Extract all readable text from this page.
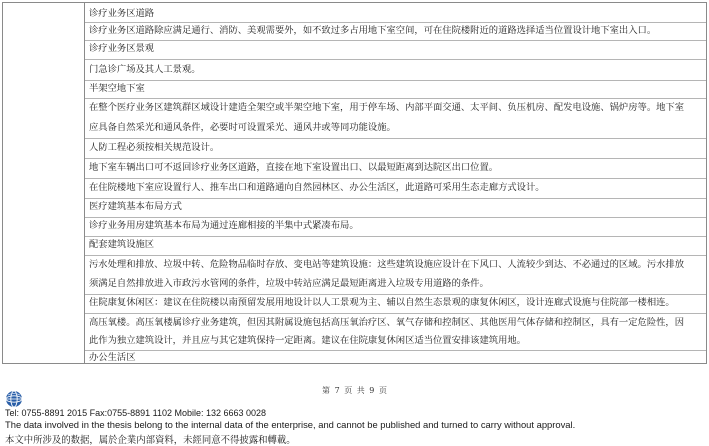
诊疗业务区道路
诊疗业务区道路除应满足通行、消防、美观需要外，如不致过多占用地下室空间，可在住院楼附近的道路选择适当位置设计地下室出入口。
诊疗业务区景观
门急诊广场及其人工景观。
半架空地下室
在整个医疗业务区建筑群区域设计建造全架空或半架空地下室，用于停车场、内部平面交通、太平间、负压机房、配发电设施、锅炉房等。地下室
应具备自然采光和通风条件，必要时可设置采光、通风井或等同功能设施。
人防工程必须按相关规范设计。
地下室车辆出口可不返回诊疗业务区道路，直接在地下室设置出口、以最短距离到达院区出口位置。
在住院楼地下室应设置行人、推车出口和道路通向自然园林区、办公生活区，此道路可采用生态走廊方式设计。
医疗建筑基本布局方式
诊疗业务用房建筑基本布局为通过连廊相接的半集中式紧凑布局。
配套建筑设施区
污水处理和排放、垃圾中转、危险物品临时存放、变电站等建筑设施：这些建筑设施应设计在下风口、人流较少到达、不必通过的区域。污水排放
须满足自然排放进入市政污水管网的条件，垃圾中转站应满足最短距离进入垃圾专用道路的条件。
住院康复休闲区：建议在住院楼以南预留发展用地设计以人工景观为主、辅以自然生态景观的康复休闲区，设计连廊式设施与住院部一楼相连。
高压氧楼。高压氧楼属诊疗业务建筑，但因其附属设施包括高压氧治疗区、氧气存储和控制区、其他医用气体存储和控制区，具有一定危险性，因
此作为独立建筑设计，并且应与其它建筑保持一定距离。建议在住院康复休闲区适当位置安排该建筑用地。
办公生活区
第 7 页 共 9 页
Tel: 0755-8891 2015 Fax:0755-8891 1102 Mobile: 132 6663 0028
The data involved in the thesis belong to the internal data of the enterprise, and cannot be published and turned to carry without approval.
本文中所涉及的数据，属於企業内部資料，未經同意不得披露和轉載。
